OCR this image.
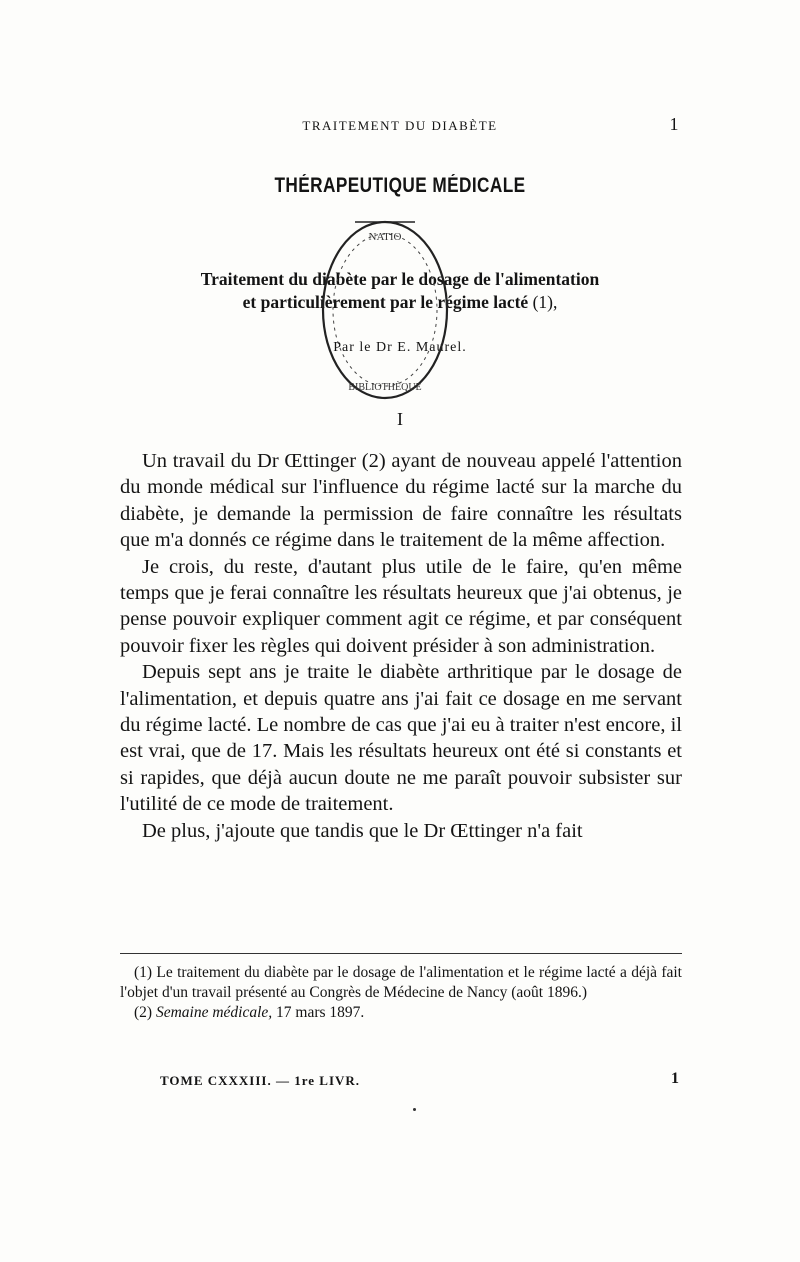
TRAITEMENT DU DIABÈTE	1
THÉRAPEUTIQUE MÉDICALE
Traitement du diabète par le dosage de l'alimentation
et particulièrement par le régime lacté (1),
Par le Dr E. Maurel.
NATIO
BIBLIOTHÈQUE
I

Un travail du Dr Œttinger (2) ayant de nouveau appelé l'attention du monde médical sur l'influence du régime lacté sur la marche du diabète, je demande la permission de faire connaître les résultats que m'a donnés ce régime dans le traitement de la même affection.

Je crois, du reste, d'autant plus utile de le faire, qu'en même temps que je ferai connaître les résultats heureux que j'ai obtenus, je pense pouvoir expliquer comment agit ce régime, et par conséquent pouvoir fixer les règles qui doivent présider à son administration.

Depuis sept ans je traite le diabète arthritique par le dosage de l'alimentation, et depuis quatre ans j'ai fait ce dosage en me servant du régime lacté. Le nombre de cas que j'ai eu à traiter n'est encore, il est vrai, que de 17. Mais les résultats heureux ont été si constants et si rapides, que déjà aucun doute ne me paraît pouvoir subsister sur l'utilité de ce mode de traitement.

De plus, j'ajoute que tandis que le Dr Œttinger n'a fait

(1) Le traitement du diabète par le dosage de l'alimentation et le régime lacté a déjà fait l'objet d'un travail présenté au Congrès de Médecine de Nancy (août 1896.)

(2) Semaine médicale, 17 mars 1897.

TOME CXXXIII. — 1re LIVR.	1
